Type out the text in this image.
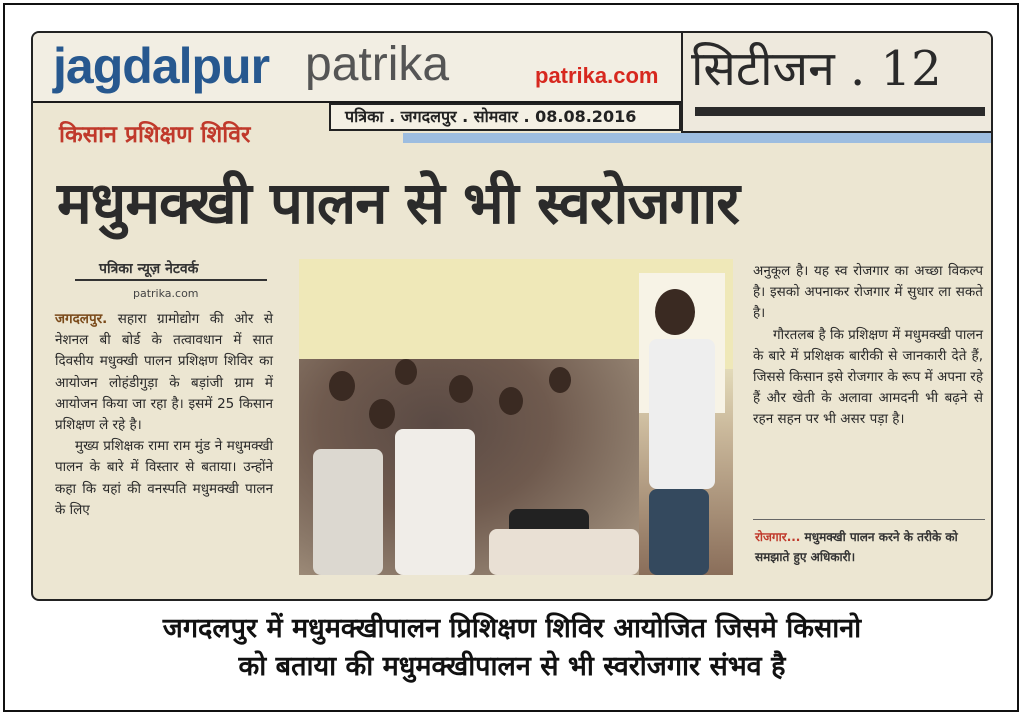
jagdalpur patrika	patrika.com सिटीजन . 12
पत्रिका . जगदलपुर . सोमवार . 08.08.2016
किसान प्रशिक्षण शिविर
मधुमक्खी पालन से भी स्वरोजगार
पत्रिका न्यूज़ नेटवर्क
patrika.com

जगदलपुर. सहारा ग्रामोद्योग की ओर से नेशनल बी बोर्ड के तत्वावधान में सात दिवसीय मधुक्खी पालन प्रशिक्षण शिविर का आयोजन लोहंडीगुड़ा के बड़ांजी ग्राम में आयोजन किया जा रहा है। इसमें 25 किसान प्रशिक्षण ले रहे है।

मुख्य प्रशिक्षक रामा राम मुंड ने मधुमक्खी पालन के बारे में विस्तार से बताया। उन्होंने कहा कि यहां की वनस्पति मधुमक्खी पालन के लिए

अनुकूल है। यह स्व रोजगार का अच्छा विकल्प है। इसको अपनाकर रोजगार में सुधार ला सकते है।

गौरतलब है कि प्रशिक्षण में मधुमक्खी पालन के बारे में प्रशिक्षक बारीकी से जानकारी देते हैं, जिससे किसान इसे रोजगार के रूप में अपना रहे हैं और खेती के अलावा आमदनी भी बढ़ने से रहन सहन पर भी असर पड़ा है।

रोजगार... मधुमक्खी पालन करने के तरीके को समझाते हुए अधिकारी।
जगदलपुर में मधुमक्खीपालन प्रिशिक्षण शिविर आयोजित जिसमे किसानो
को बताया की मधुमक्खीपालन से भी स्वरोजगार संभव है
